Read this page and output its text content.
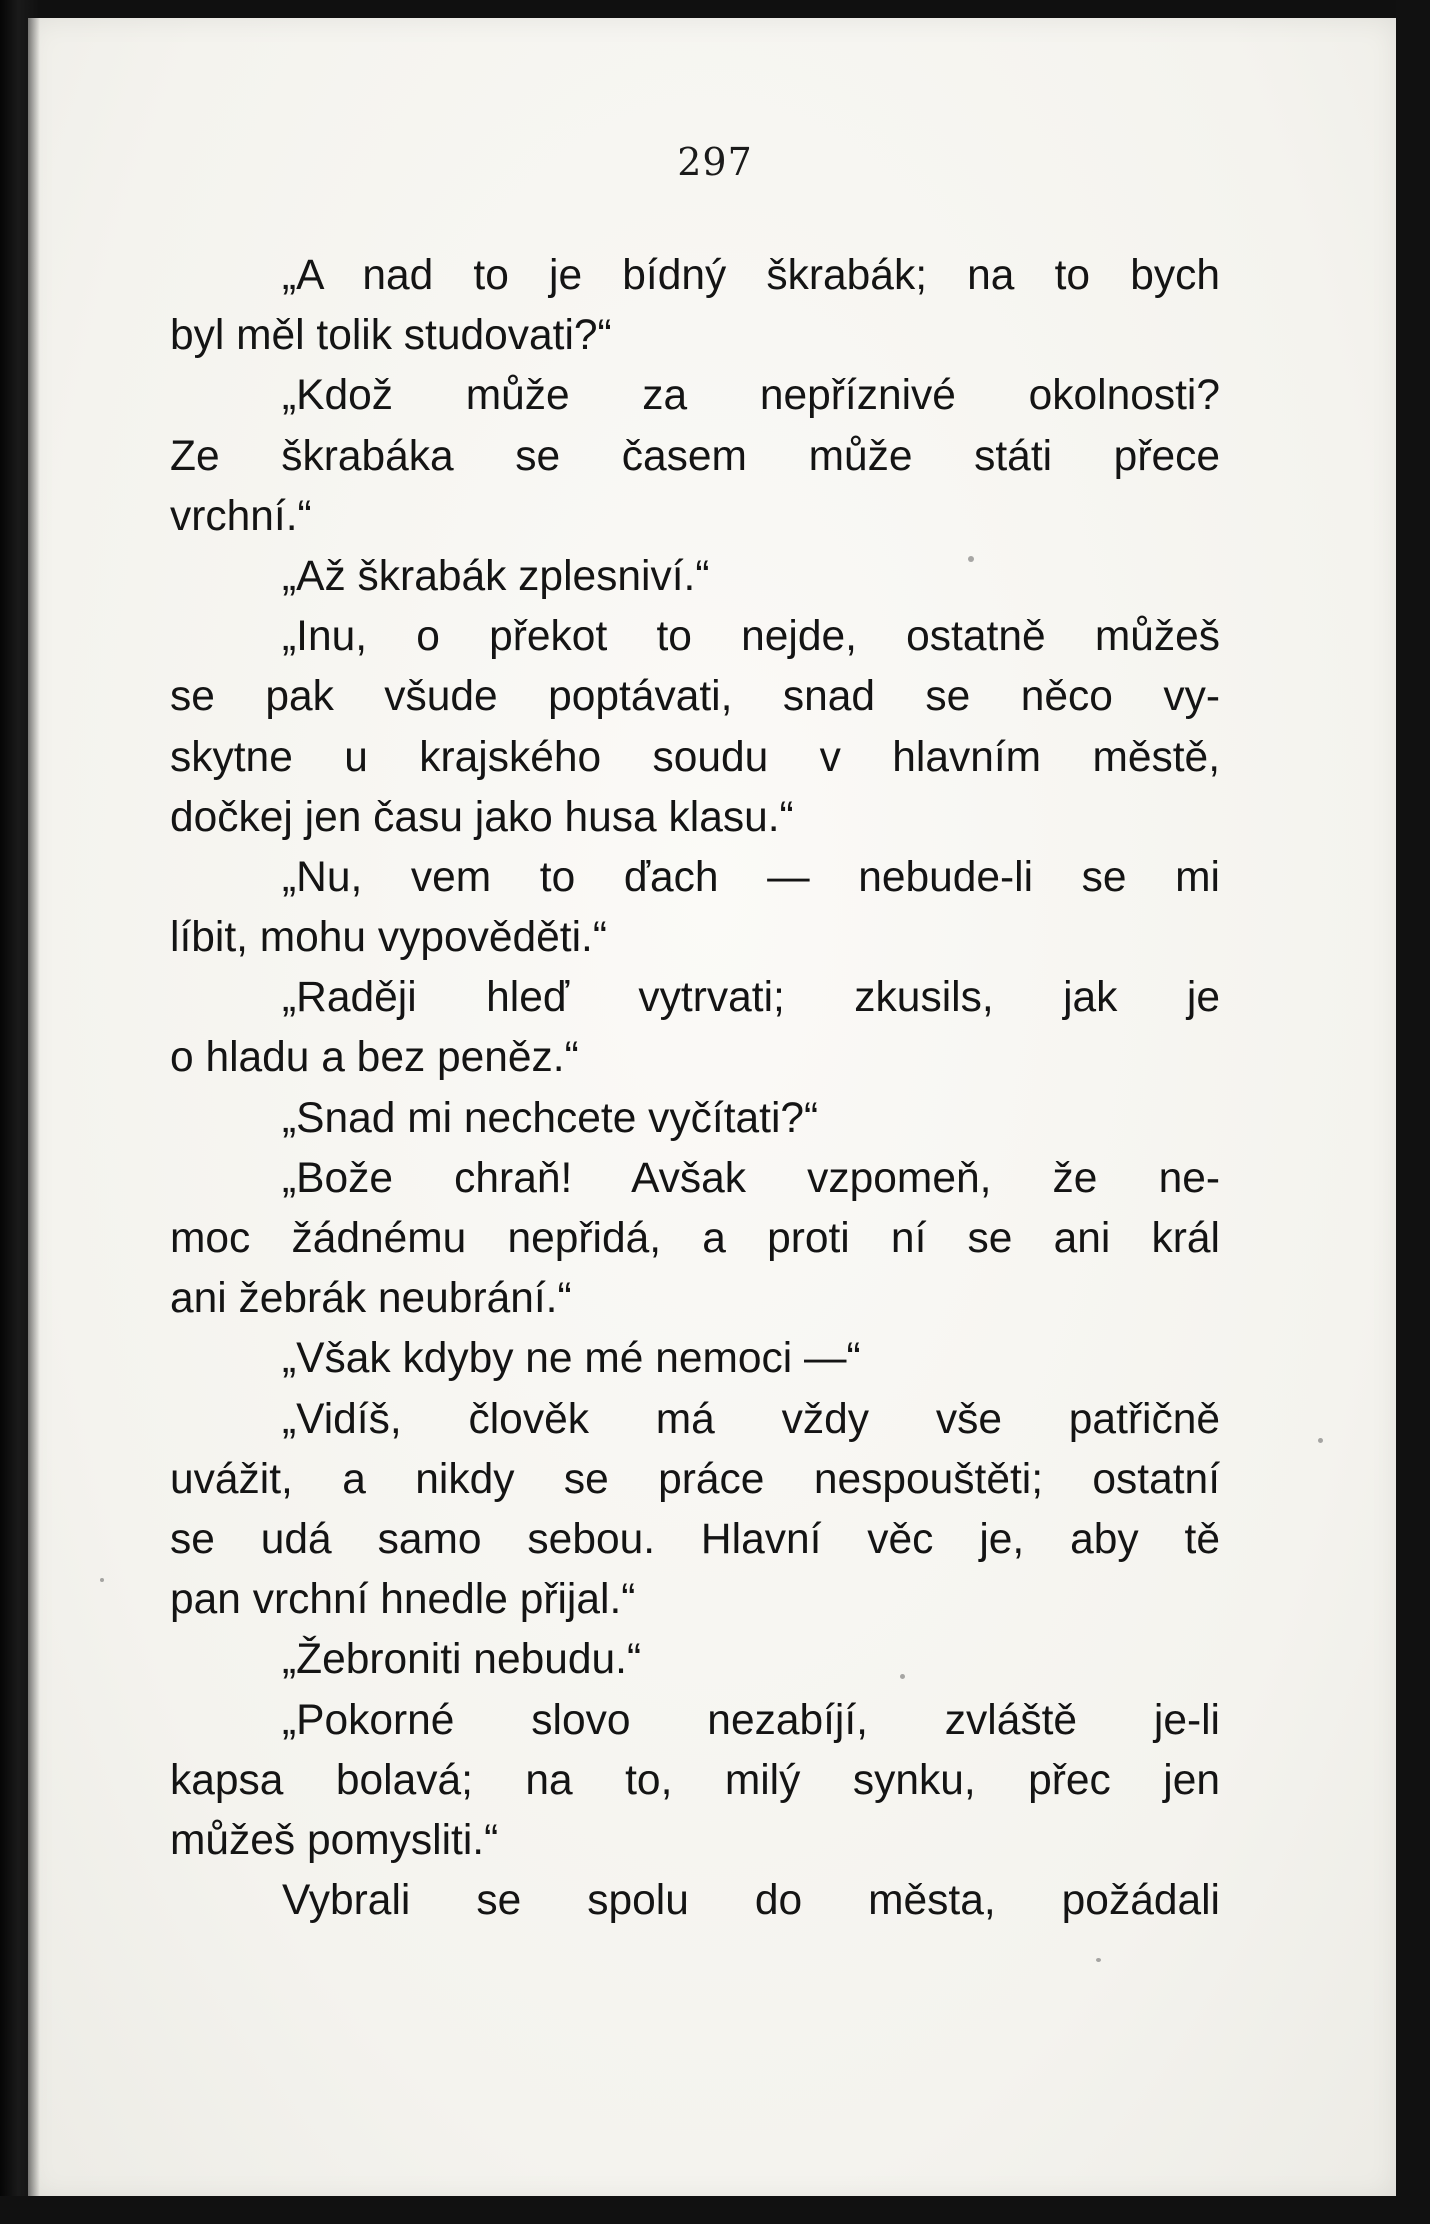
297
„A nad to je bídný škrabák; na to bych
byl měl tolik studovati?“
„Kdož může za nepříznivé okolnosti?
Ze škrabáka se časem může státi přece
vrchní.“
„Až škrabák zplesniví.“
„Inu, o překot to nejde, ostatně můžeš
se pak všude poptávati, snad se něco vy-
skytne u krajského soudu v hlavním městě,
dočkej jen času jako husa klasu.“
„Nu, vem to ďach — nebude-li se mi
líbit, mohu vypověděti.“
„Raději hleď vytrvati; zkusils, jak je
o hladu a bez peněz.“
„Snad mi nechcete vyčítati?“
„Bože chraň! Avšak vzpomeň, že ne-
moc žádnému nepřidá, a proti ní se ani král
ani žebrák neubrání.“
„Však kdyby ne mé nemoci —“
„Vidíš, člověk má vždy vše patřičně
uvážit, a nikdy se práce nespouštěti; ostatní
se udá samo sebou. Hlavní věc je, aby tě
pan vrchní hnedle přijal.“
„Žebroniti nebudu.“
„Pokorné slovo nezabíjí, zvláště je-li
kapsa bolavá; na to, milý synku, přec jen
můžeš pomysliti.“
Vybrali se spolu do města, požádali
